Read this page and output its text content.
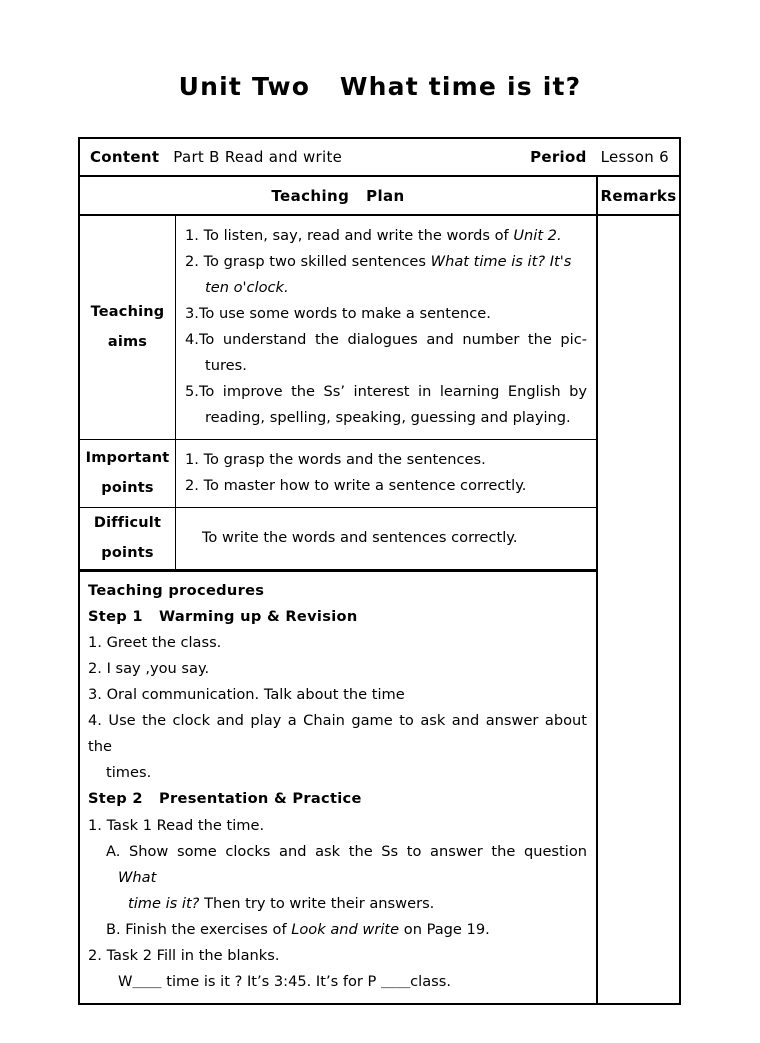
Unit Two   What time is it?
Content Part B Read and write	Period Lesson 6
Teaching   Plan
Teaching
aims
1. To listen, say, read and write the words of Unit 2.
2. To grasp two skilled sentences What time is it? It's
ten o'clock.
3.To use some words to make a sentence.
4.To understand the dialogues and number the pic-
tures.
5.To improve the Ss’ interest in learning English by
reading, spelling, speaking, guessing and playing.
Important
points
1. To grasp the words and the sentences.
2. To master how to write a sentence correctly.
Difficult
points
To write the words and sentences correctly.
Teaching procedures
Step 1   Warming up & Revision
1. Greet the class.
2. I say ,you say.
3. Oral communication. Talk about the time
4. Use the clock and play a Chain game to ask and answer about the
times.
Step 2   Presentation & Practice
1. Task 1 Read the time.
A. Show some clocks and ask the Ss to answer the question
What
time is it? Then try to write their answers.
B. Finish the exercises of Look and write on Page 19.
2. Task 2 Fill in the blanks.
W＿＿ time is it ? It’s 3:45. It’s for P ＿＿class.
Remarks
